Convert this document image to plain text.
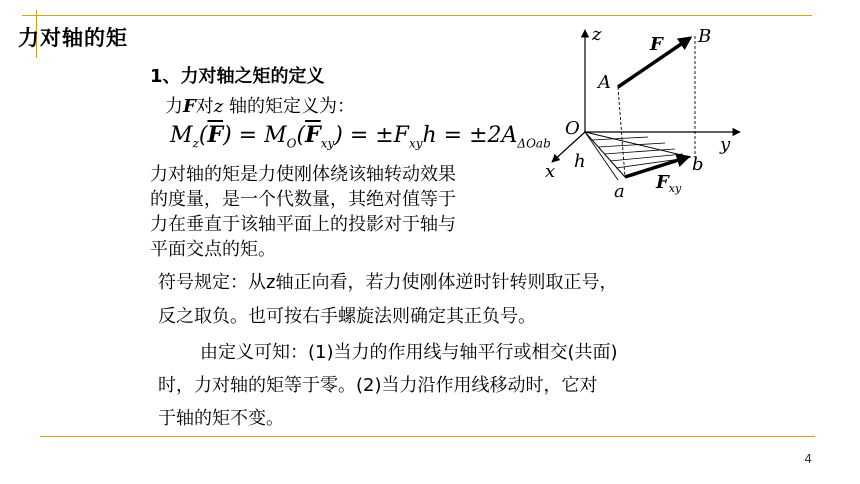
力对轴的矩
1、力对轴之矩的定义
力F对z 轴的矩定义为：
$M_z(\overline{F}) = M_O(\overline{F}_{xy}) = \pm F_{xy}h = \pm 2A_{\Delta Oab}$
力对轴的矩是力使刚体绕该轴转动效果
的度量，是一个代数量，其绝对值等于
力在垂直于该轴平面上的投影对于轴与
平面交点的矩。
符号规定：从z轴正向看，若力使刚体逆时针转则取正号，
反之取负。也可按右手螺旋法则确定其正负号。
由定义可知：(1)当力的作用线与轴平行或相交(共面)
时，力对轴的矩等于零。(2)当力沿作用线移动时，它对
于轴的矩不变。
4
z	F B
A
O
y
x h	b
a $F_{xy}$
